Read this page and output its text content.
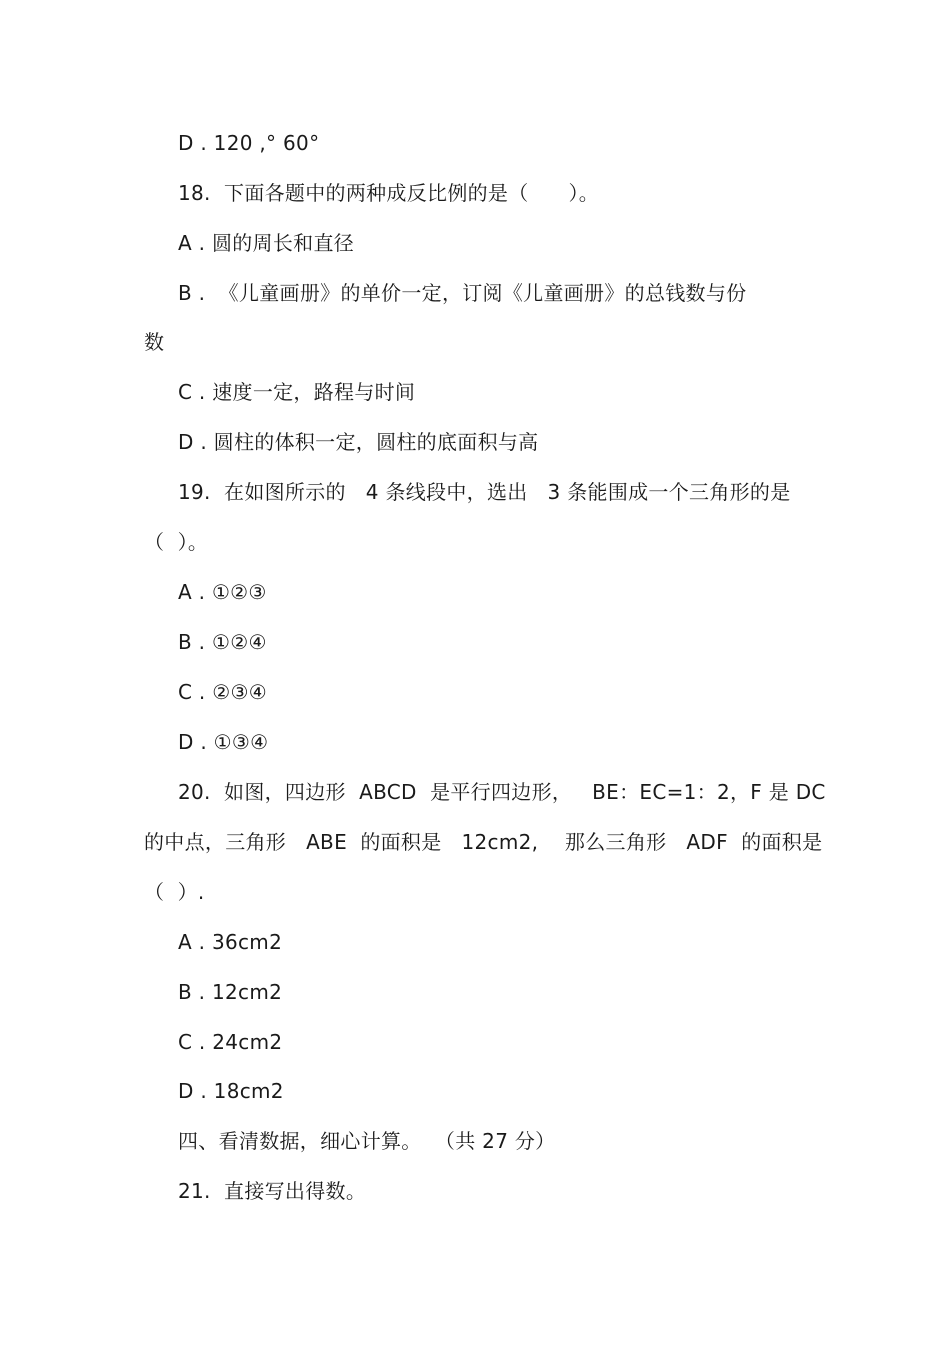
D . 120 ,° 60°
18.  下面各题中的两种成反比例的是（      ）。
A . 圆的周长和直径
B .  《儿童画册》的单价一定，订阅《儿童画册》的总钱数与份
数
C . 速度一定，路程与时间
D . 圆柱的体积一定，圆柱的底面积与高
19.  在如图所示的   4 条线段中，选出   3 条能围成一个三角形的是
（  ）。
A . ①②③
B . ①②④
C . ②③④
D . ①③④
20.  如图，四边形  ABCD  是平行四边形，   BE：EC=1：2，F 是 DC
的中点，三角形   ABE  的面积是   12cm2,    那么三角形   ADF  的面积是
（  ）.
A . 36cm2
B . 12cm2
C . 24cm2
D . 18cm2
四、看清数据，细心计算。  （共 27 分）
21.  直接写出得数。
